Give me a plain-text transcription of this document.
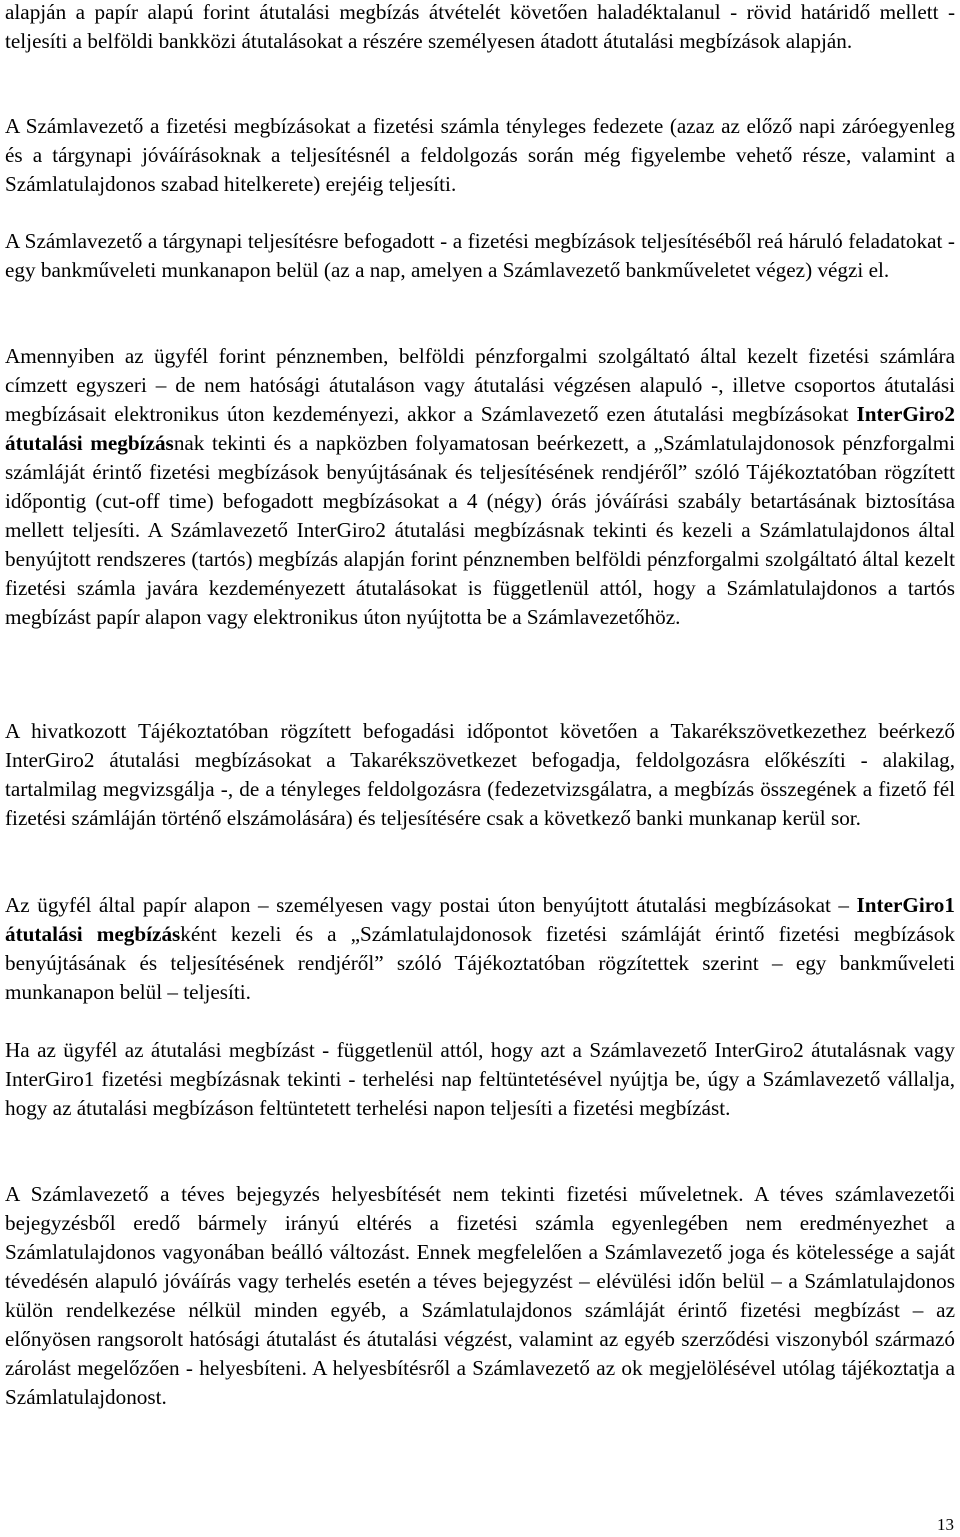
alapján a papír alapú forint átutalási megbízás átvételét követően haladéktalanul - rövid határidő mellett - teljesíti a belföldi bankközi átutalásokat a részére személyesen átadott átutalási megbízások alapján.

A Számlavezető a fizetési megbízásokat a fizetési számla tényleges fedezete (azaz az előző napi záróegyenleg és a tárgynapi jóváírásoknak a teljesítésnél a feldolgozás során még figyelembe vehető része, valamint a Számlatulajdonos szabad hitelkerete) erejéig teljesíti.

A Számlavezető a tárgynapi teljesítésre befogadott - a fizetési megbízások teljesítéséből reá háruló feladatokat - egy bankműveleti munkanapon belül (az a nap, amelyen a Számlavezető bankműveletet végez) végzi el.

Amennyiben az ügyfél forint pénznemben, belföldi pénzforgalmi szolgáltató által kezelt fizetési számlára címzett egyszeri – de nem hatósági átutaláson vagy átutalási végzésen alapuló -, illetve csoportos átutalási megbízásait elektronikus úton kezdeményezi, akkor a Számlavezető ezen átutalási megbízásokat InterGiro2 átutalási megbízásnak tekinti és a napközben folyamatosan beérkezett, a „Számlatulajdonosok pénzforgalmi számláját érintő fizetési megbízások benyújtásának és teljesítésének rendjéről” szóló Tájékoztatóban rögzített időpontig (cut-off time) befogadott megbízásokat a 4 (négy) órás jóváírási szabály betartásának biztosítása mellett teljesíti. A Számlavezető InterGiro2 átutalási megbízásnak tekinti és kezeli a Számlatulajdonos által benyújtott rendszeres (tartós) megbízás alapján forint pénznemben belföldi pénzforgalmi szolgáltató által kezelt fizetési számla javára kezdeményezett átutalásokat is függetlenül attól, hogy a Számlatulajdonos a tartós megbízást papír alapon vagy elektronikus úton nyújtotta be a Számlavezetőhöz.

A hivatkozott Tájékoztatóban rögzített befogadási időpontot követően a Takarékszövetkezethez beérkező InterGiro2 átutalási megbízásokat a Takarékszövetkezet befogadja, feldolgozásra előkészíti - alakilag, tartalmilag megvizsgálja -, de a tényleges feldolgozásra (fedezetvizsgálatra, a megbízás összegének a fizető fél fizetési számláján történő elszámolására) és teljesítésére csak a következő banki munkanap kerül sor.

Az ügyfél által papír alapon – személyesen vagy postai úton benyújtott átutalási megbízásokat – InterGiro1 átutalási megbízásként kezeli és a „Számlatulajdonosok fizetési számláját érintő fizetési megbízások benyújtásának és teljesítésének rendjéről” szóló Tájékoztatóban rögzítettek szerint – egy bankműveleti munkanapon belül – teljesíti.

Ha az ügyfél az átutalási megbízást - függetlenül attól, hogy azt a Számlavezető InterGiro2 átutalásnak vagy InterGiro1 fizetési megbízásnak tekinti - terhelési nap feltüntetésével nyújtja be, úgy a Számlavezető vállalja, hogy az átutalási megbízáson feltüntetett terhelési napon teljesíti a fizetési megbízást.

A Számlavezető a téves bejegyzés helyesbítését nem tekinti fizetési műveletnek. A téves számlavezetői bejegyzésből eredő bármely irányú eltérés a fizetési számla egyenlegében nem eredményezhet a Számlatulajdonos vagyonában beálló változást. Ennek megfelelően a Számlavezető joga és kötelessége a saját tévedésén alapuló jóváírás vagy terhelés esetén a téves bejegyzést – elévülési időn belül – a Számlatulajdonos külön rendelkezése nélkül minden egyéb, a Számlatulajdonos számláját érintő fizetési megbízást – az előnyösen rangsorolt hatósági átutalást és átutalási végzést, valamint az egyéb szerződési viszonyból származó zárolást megelőzően - helyesbíteni. A helyesbítésről a Számlavezető az ok megjelölésével utólag tájékoztatja a Számlatulajdonost.

13
